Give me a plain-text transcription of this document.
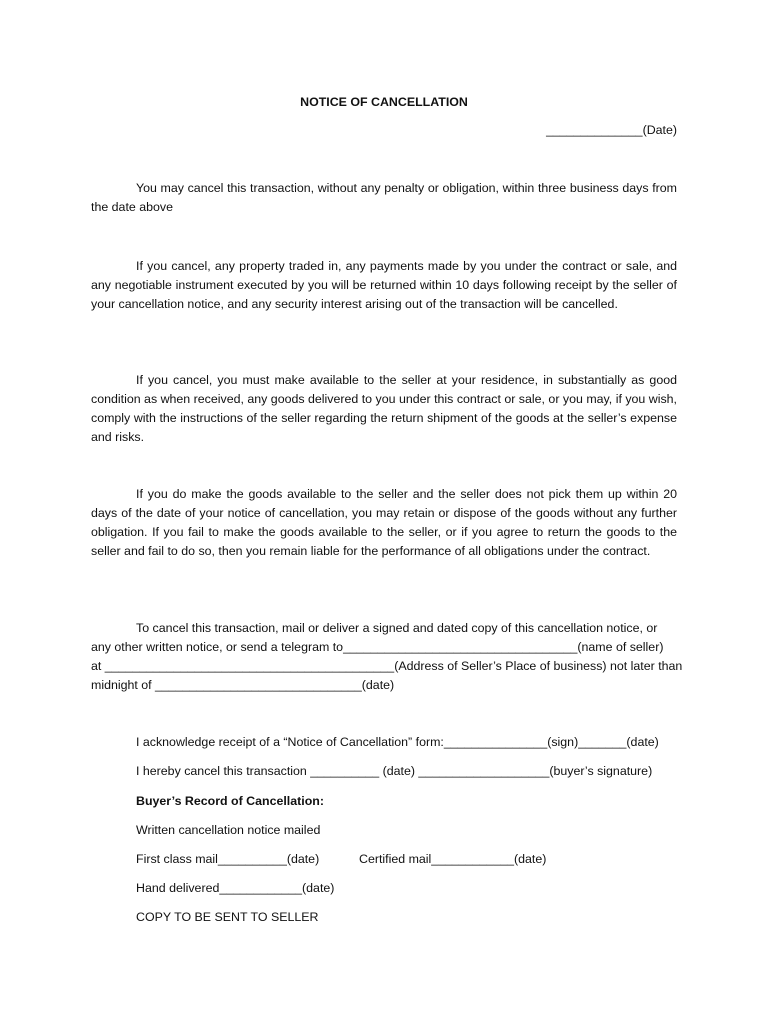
NOTICE OF CANCELLATION
______________(Date)

You may cancel this transaction, without any penalty or obligation, within three business days from the date above

If you cancel, any property traded in, any payments made by you under the contract or sale, and any negotiable instrument executed by you will be returned within 10 days following receipt by the seller of your cancellation notice, and any security interest arising out of the transaction will be cancelled.

If you cancel, you must make available to the seller at your residence, in substantially as good condition as when received, any goods delivered to you under this contract or sale, or you may, if you wish, comply with the instructions of the seller regarding the return shipment of the goods at the seller’s expense and risks.

If you do make the goods available to the seller and the seller does not pick them up within 20 days of the date of your notice of cancellation, you may retain or dispose of the goods without any further obligation. If you fail to make the goods available to the seller, or if you agree to return the goods to the seller and fail to do so, then you remain liable for the performance of all obligations under the contract.

To cancel this transaction, mail or deliver a signed and dated copy of this cancellation notice, or
any other written notice, or send a telegram to__________________________________(name of seller)
at __________________________________________(Address of Seller’s Place of business) not later than
midnight of ______________________________(date)
I acknowledge receipt of a “Notice of Cancellation” form:_______________(sign)_______(date)
I hereby cancel this transaction __________ (date) ___________________(buyer’s signature)
Buyer’s Record of Cancellation:
Written cancellation notice mailed
First class mail__________(date)	Certified mail____________(date)
Hand delivered____________(date)
COPY TO BE SENT TO SELLER
